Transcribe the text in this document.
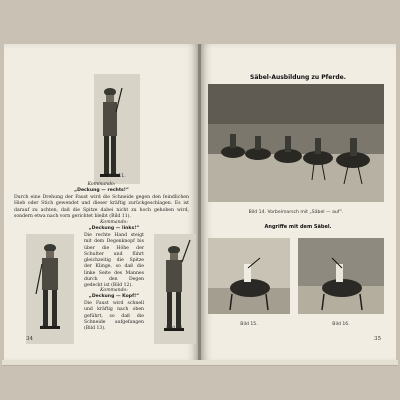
Bild 11.
Kommando:
„Deckung — rechts!“
Durch eine Drehung der Faust wird die Schneide gegen den feindlichen Hieb oder Stich gewendet und dieser kräftig zurückgeschlagen. Es ist darauf zu achten, daß die Spitze dabei nicht zu hoch gehoben wird, sondern etwa nach vorn gerichtet bleibt (Bild 11).
Bild 12.
Kommando:
„Deckung — links!“
Die rechte Hand steigt mit dem Degenknopf bis über die Höhe der Schulter und führt gleichzeitig die Spitze der Klinge, so daß die linke Seite des Mannes durch den Degen gedeckt ist (Bild 12).
Kommando:
„Deckung — Kopf!“
Die Faust wird schnell und kräftig nach oben geführt, so daß die Schneide aufgefangen (Bild 13).	Bild 13.
34
Säbel-Ausbildung zu Pferde.
Bild 14. Vorbeimarsch mit „Säbel — auf“.
Angriffe mit dem Säbel.
Bild 15.	Bild 16.
35
